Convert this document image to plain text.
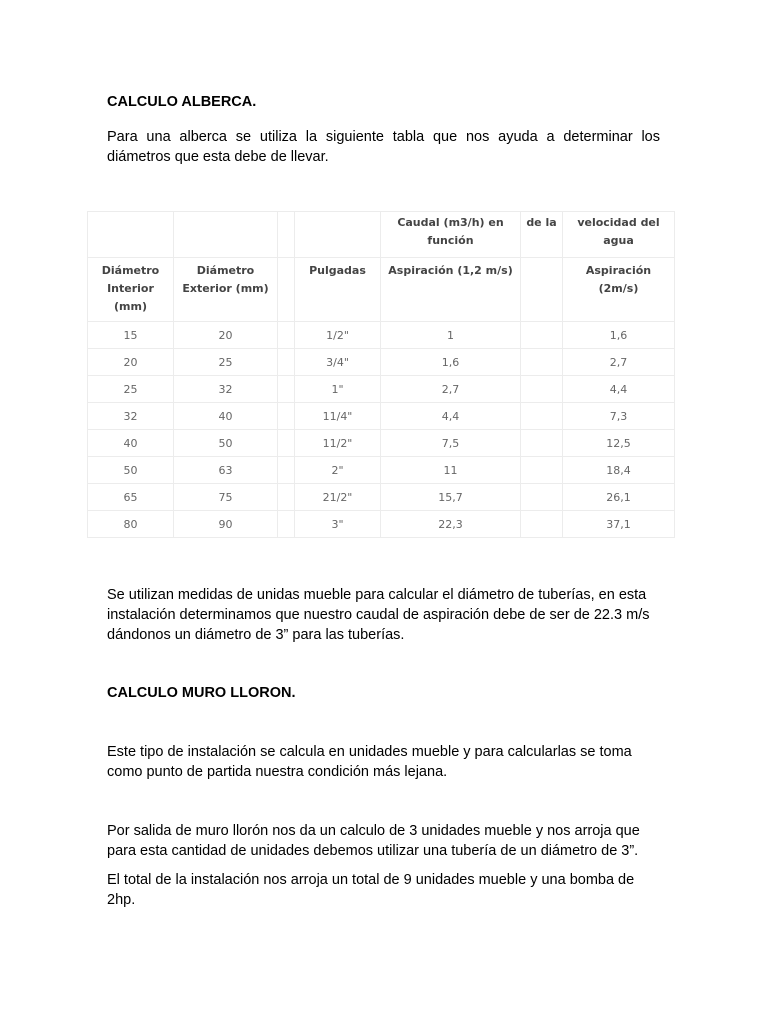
CALCULO ALBERCA.

Para una alberca se utiliza la siguiente tabla que nos ayuda a determinar los diámetros que esta debe de llevar.

				Caudal (m3/h) en función	de la	velocidad del agua
Diámetro Interior (mm)	Diámetro Exterior (mm)		Pulgadas	Aspiración (1,2 m/s)		Aspiración (2m/s)
15	20		1/2"	1		1,6
20	25		3/4"	1,6		2,7
25	32		1"	2,7		4,4
32	40		11/4"	4,4		7,3
40	50		11/2"	7,5		12,5
50	63		2"	11		18,4
65	75		21/2"	15,7		26,1
80	90		3"	22,3		37,1

Se utilizan medidas de unidas mueble para calcular el diámetro de tuberías, en esta instalación determinamos que nuestro caudal de aspiración debe de ser de 22.3 m/s dándonos un diámetro de 3” para las tuberías.

CALCULO MURO LLORON.

Este tipo de instalación se calcula en unidades mueble y para calcularlas se toma como punto de partida nuestra condición más lejana.

Por salida de muro llorón nos da un calculo de 3 unidades mueble y nos arroja que para esta cantidad de unidades debemos utilizar una tubería de un diámetro de 3”.

El total de la instalación nos arroja un total de 9 unidades mueble y una bomba de 2hp.
